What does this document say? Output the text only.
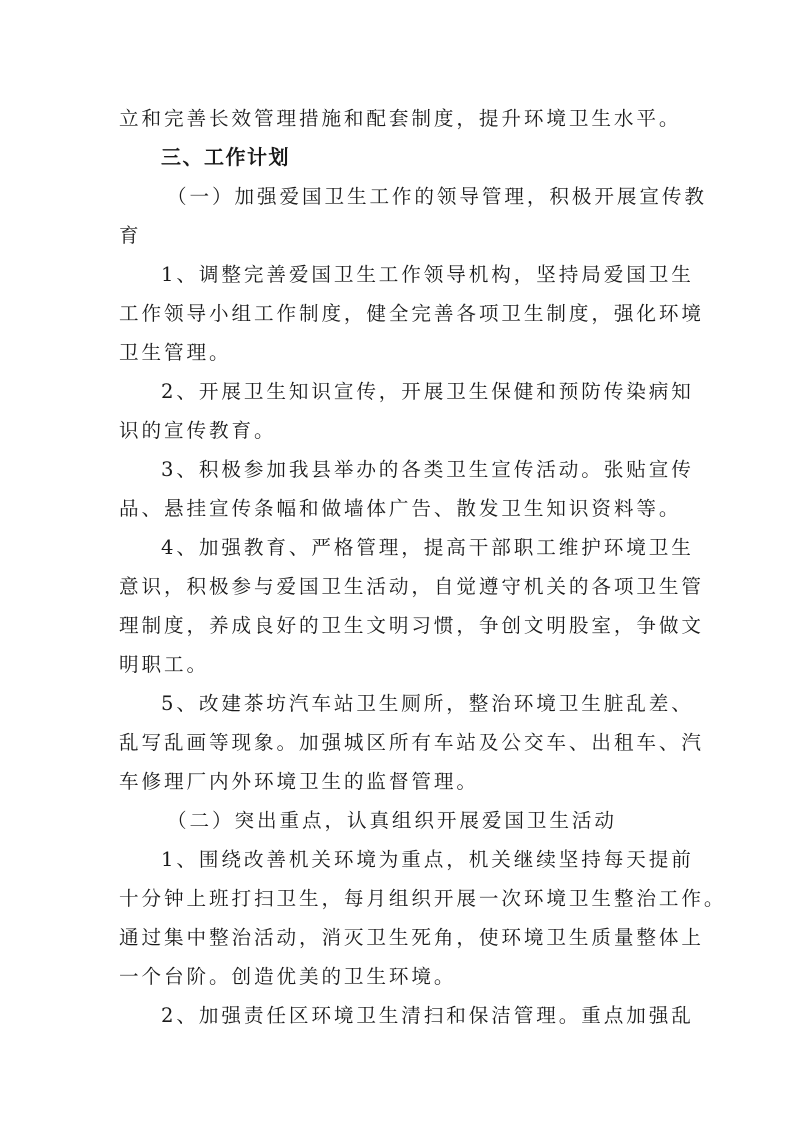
立和完善长效管理措施和配套制度，提升环境卫生水平。
三、工作计划
（一）加强爱国卫生工作的领导管理，积极开展宣传教
育
1、调整完善爱国卫生工作领导机构，坚持局爱国卫生
工作领导小组工作制度，健全完善各项卫生制度，强化环境
卫生管理。
2、开展卫生知识宣传，开展卫生保健和预防传染病知
识的宣传教育。
3、积极参加我县举办的各类卫生宣传活动。张贴宣传
品、悬挂宣传条幅和做墙体广告、散发卫生知识资料等。
4、加强教育、严格管理，提高干部职工维护环境卫生
意识，积极参与爱国卫生活动，自觉遵守机关的各项卫生管
理制度，养成良好的卫生文明习惯，争创文明股室，争做文
明职工。
5、改建茶坊汽车站卫生厕所，整治环境卫生脏乱差、
乱写乱画等现象。加强城区所有车站及公交车、出租车、汽
车修理厂内外环境卫生的监督管理。
（二）突出重点，认真组织开展爱国卫生活动
1、围绕改善机关环境为重点，机关继续坚持每天提前
十分钟上班打扫卫生，每月组织开展一次环境卫生整治工作。
通过集中整治活动，消灭卫生死角，使环境卫生质量整体上
一个台阶。创造优美的卫生环境。
2、加强责任区环境卫生清扫和保洁管理。重点加强乱
